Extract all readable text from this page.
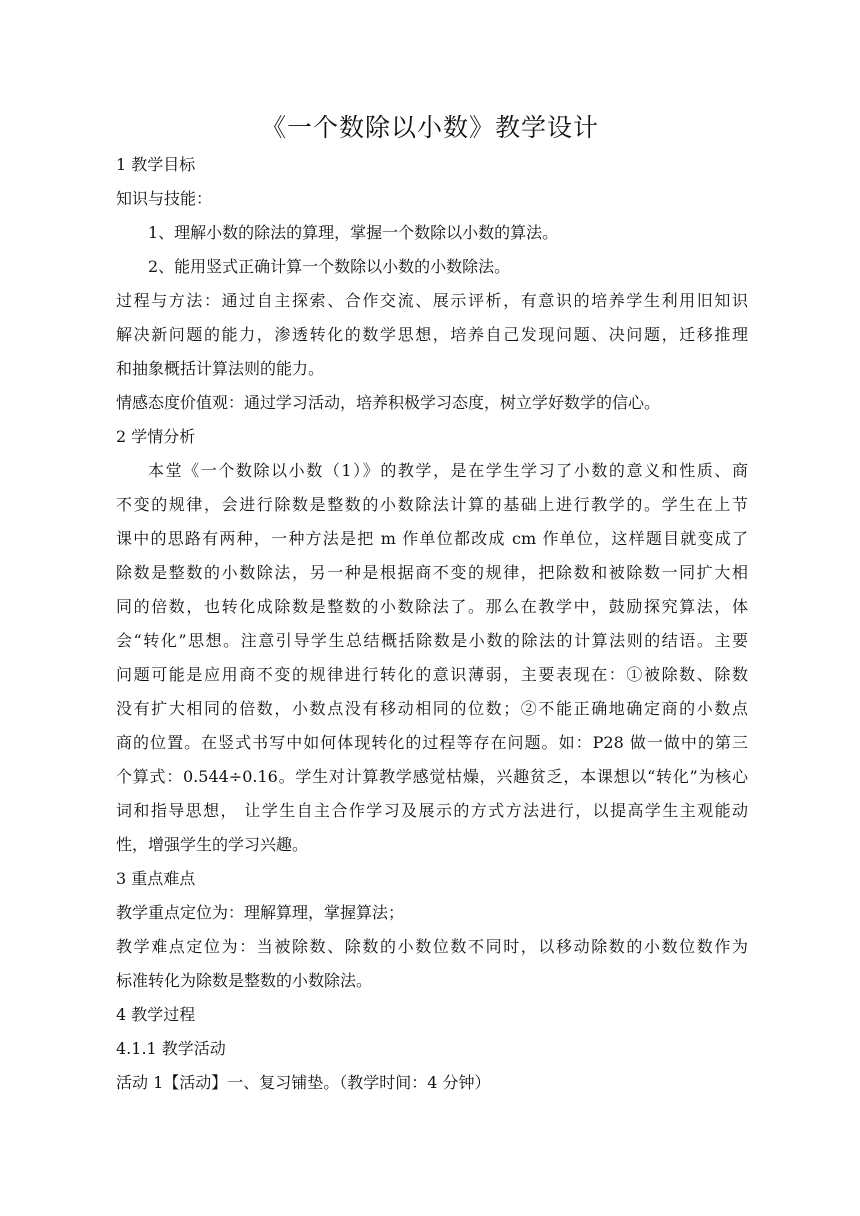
《一个数除以小数》教学设计
1 教学目标
知识与技能：
1、理解小数的除法的算理，掌握一个数除以小数的算法。
2、能用竖式正确计算一个数除以小数的小数除法。
过程与方法：通过自主探索、合作交流、展示评析，有意识的培养学生利用旧知识
解决新问题的能力，渗透转化的数学思想，培养自己发现问题、决问题，迁移推理
和抽象概括计算法则的能力。
情感态度价值观：通过学习活动，培养积极学习态度，树立学好数学的信心。
2 学情分析
本堂《一个数除以小数（1）》的教学，是在学生学习了小数的意义和性质、商
不变的规律，会进行除数是整数的小数除法计算的基础上进行教学的。学生在上节
课中的思路有两种，一种方法是把 m 作单位都改成 cm 作单位，这样题目就变成了
除数是整数的小数除法，另一种是根据商不变的规律，把除数和被除数一同扩大相
同的倍数，也转化成除数是整数的小数除法了。那么在教学中，鼓励探究算法，体
会“转化”思想。注意引导学生总结概括除数是小数的除法的计算法则的结语。主要
问题可能是应用商不变的规律进行转化的意识薄弱，主要表现在：①被除数、除数
没有扩大相同的倍数，小数点没有移动相同的位数；②不能正确地确定商的小数点
商的位置。在竖式书写中如何体现转化的过程等存在问题。如：P28 做一做中的第三
个算式：0.544÷0.16。学生对计算教学感觉枯燥，兴趣贫乏，本课想以“转化”为核心
词和指导思想， 让学生自主合作学习及展示的方式方法进行，以提高学生主观能动
性，增强学生的学习兴趣。
3 重点难点
教学重点定位为：理解算理，掌握算法；
教学难点定位为：当被除数、除数的小数位数不同时，以移动除数的小数位数作为
标准转化为除数是整数的小数除法。
4 教学过程
4.1.1 教学活动
活动 1【活动】一、复习铺垫。（教学时间：4 分钟）
